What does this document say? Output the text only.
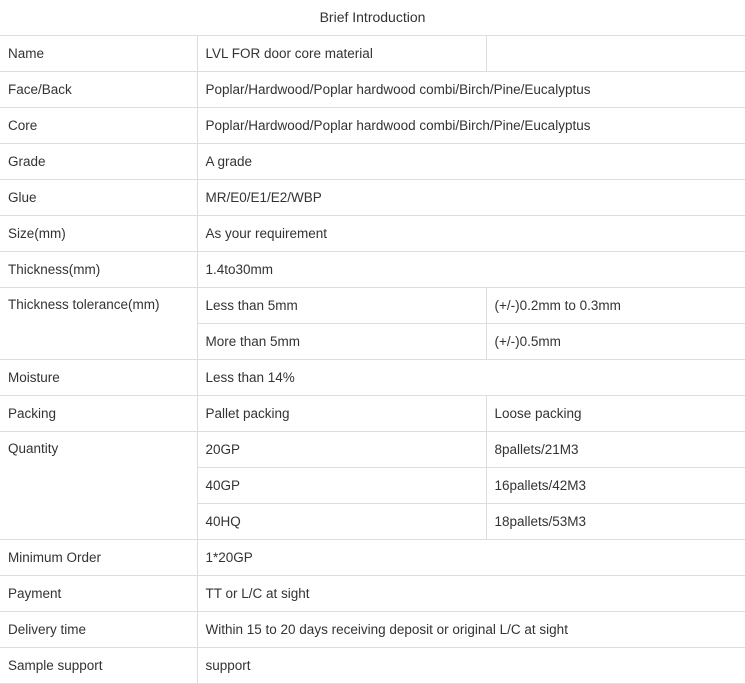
Brief Introduction
Name	LVL FOR door core material	
Face/Back	Poplar/Hardwood/Poplar hardwood combi/Birch/Pine/Eucalyptus	
Core	Poplar/Hardwood/Poplar hardwood combi/Birch/Pine/Eucalyptus	
Grade	A grade	
Glue	MR/E0/E1/E2/WBP	
Size(mm)	As your requirement	
Thickness(mm)	1.4to30mm	
Thickness tolerance(mm)	Less than 5mm	(+/-)0.2mm to 0.3mm
	More than 5mm	(+/-)0.5mm
Moisture	Less than 14%	
Packing	Pallet packing	Loose packing
Quantity	20GP	8pallets/21M3
	40GP	16pallets/42M3
	40HQ	18pallets/53M3
Minimum Order	1*20GP	
Payment	TT or L/C at sight	
Delivery time	Within 15 to 20 days receiving deposit or original L/C at sight	
Sample support	support	
